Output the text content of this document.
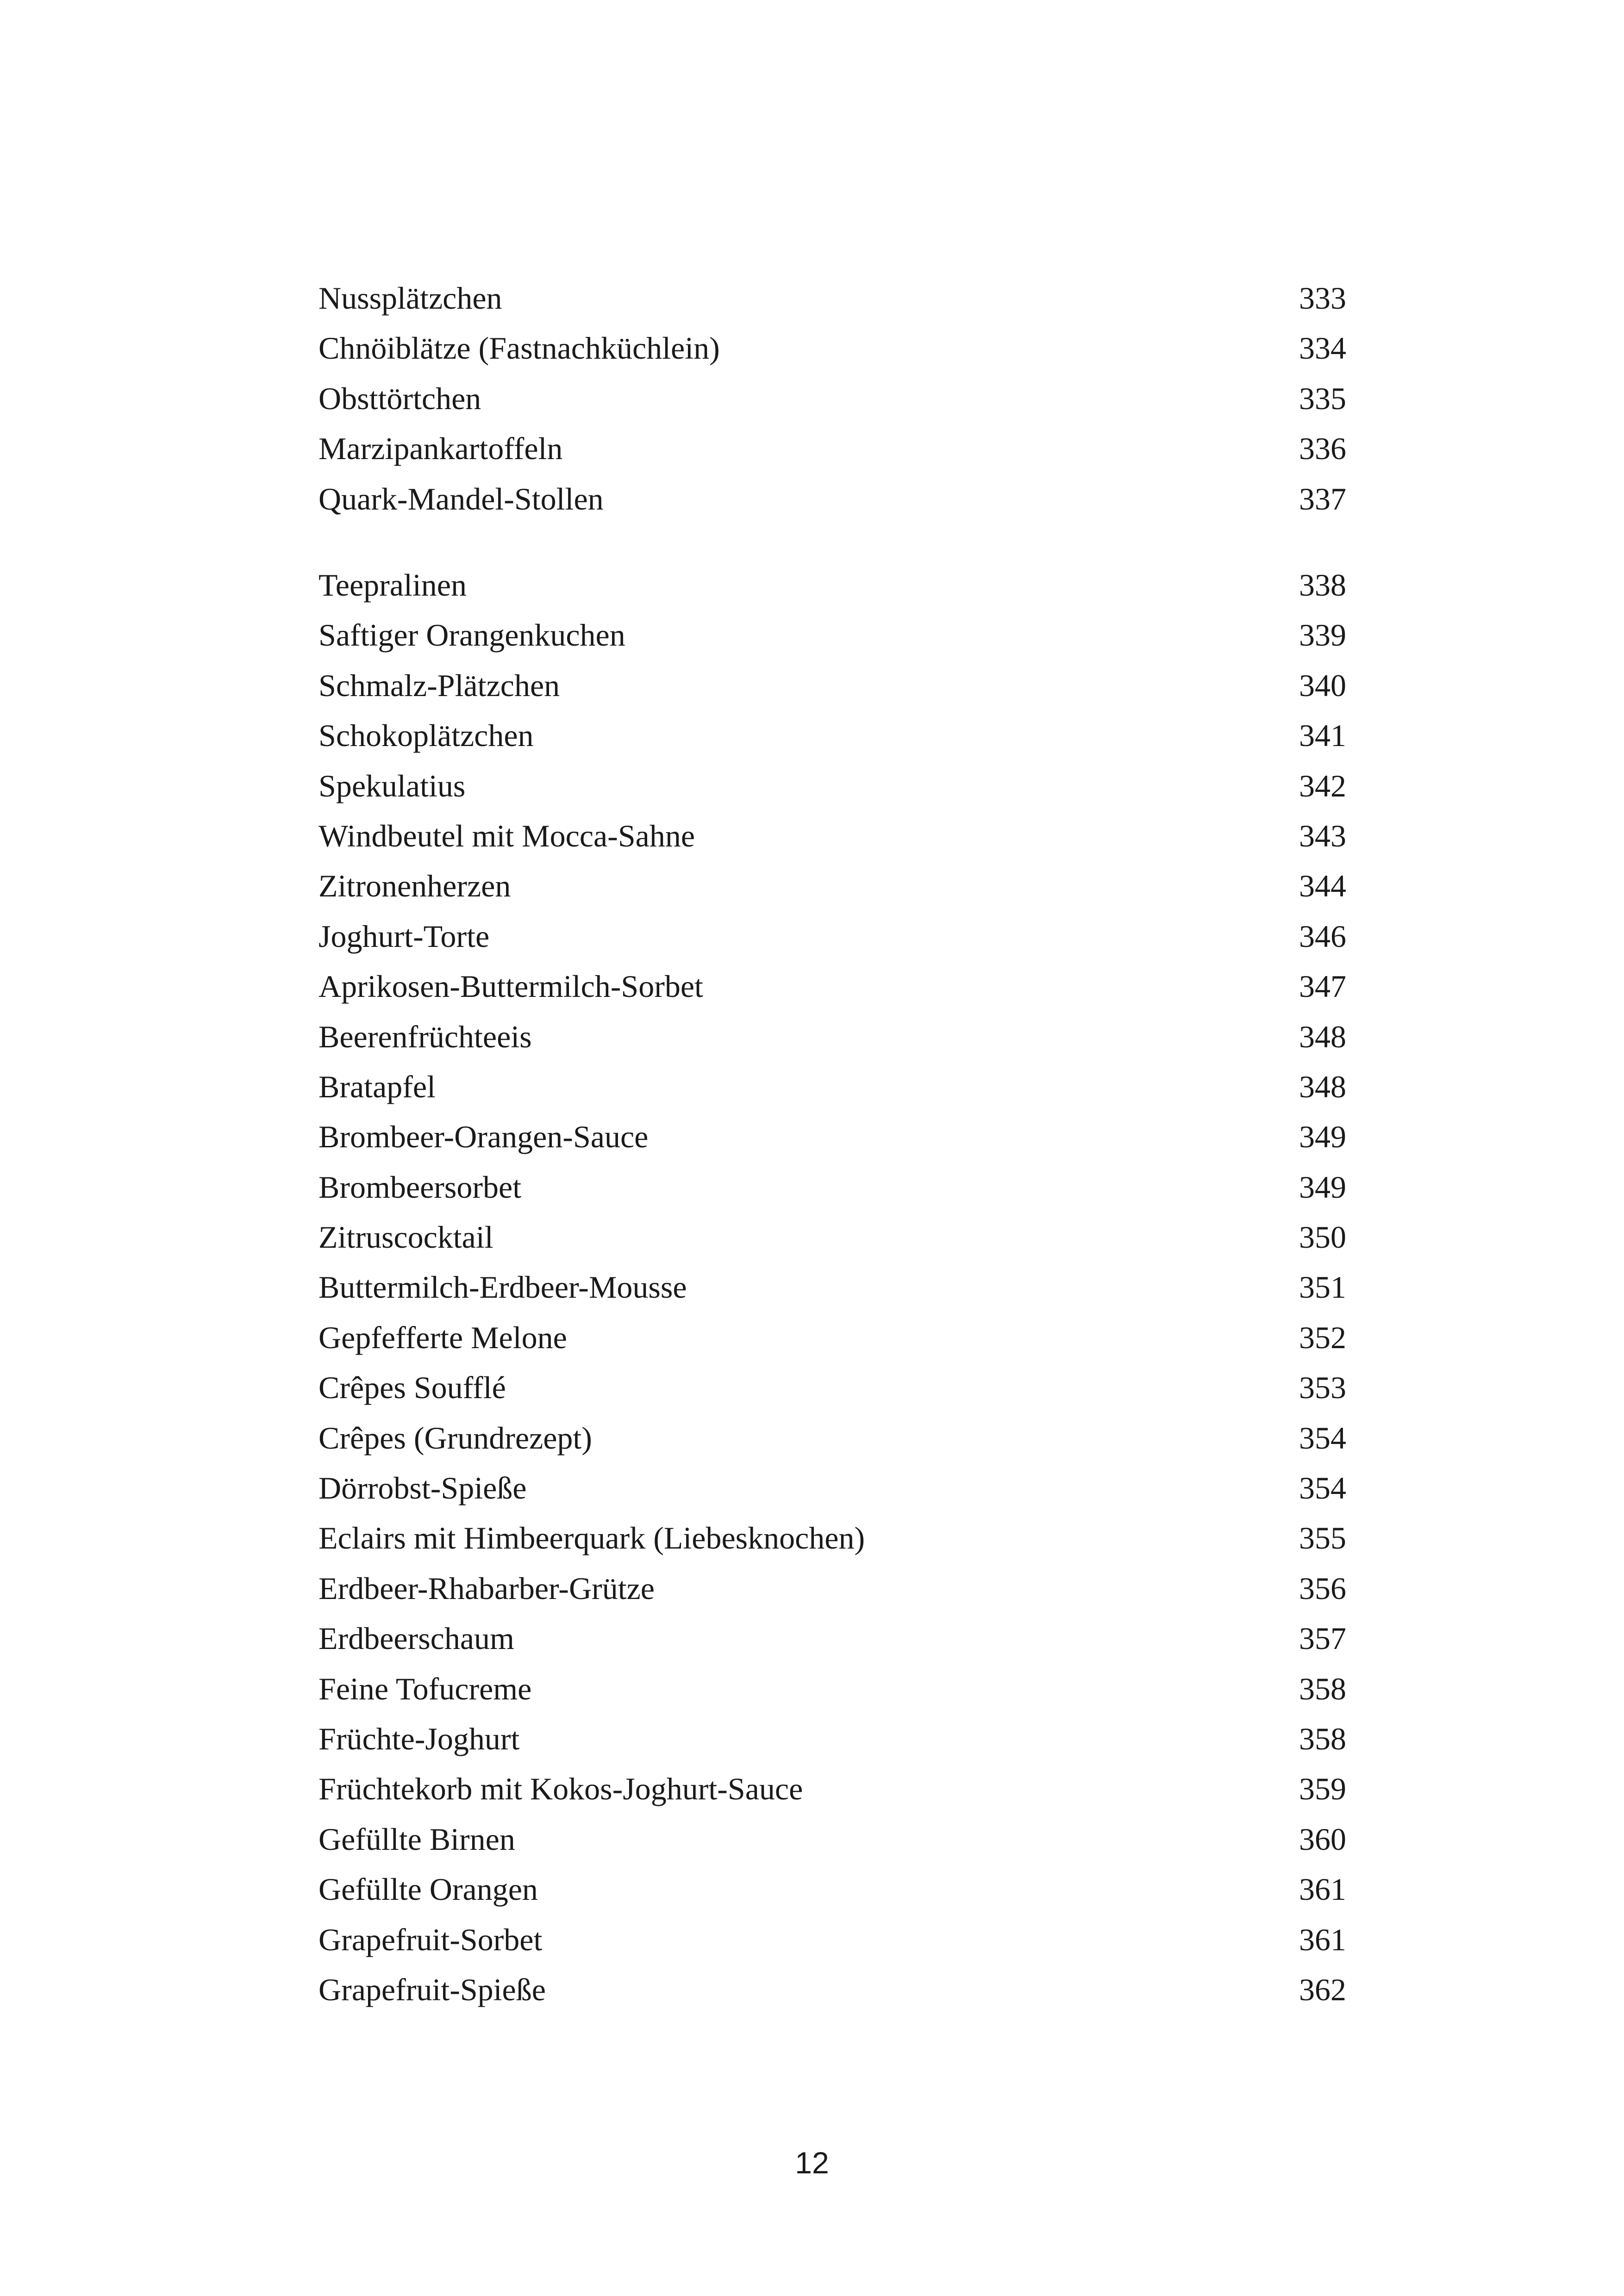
Nussplätzchen	333
Chnöiblätze (Fastnachküchlein)	334
Obsttörtchen	335
Marzipankartoffeln	336
Quark-Mandel-Stollen	337
Teepralinen	338
Saftiger Orangenkuchen	339
Schmalz-Plätzchen	340
Schokoplätzchen	341
Spekulatius	342
Windbeutel mit Mocca-Sahne	343
Zitronenherzen	344
Joghurt-Torte	346
Aprikosen-Buttermilch-Sorbet	347
Beerenfrüchteeis	348
Bratapfel	348
Brombeer-Orangen-Sauce	349
Brombeersorbet	349
Zitruscocktail	350
Buttermilch-Erdbeer-Mousse	351
Gepfefferte Melone	352
Crêpes Soufflé	353
Crêpes (Grundrezept)	354
Dörrobst-Spieße	354
Eclairs mit Himbeerquark (Liebesknochen)	355
Erdbeer-Rhabarber-Grütze	356
Erdbeerschaum	357
Feine Tofucreme	358
Früchte-Joghurt	358
Früchtekorb mit Kokos-Joghurt-Sauce	359
Gefüllte Birnen	360
Gefüllte Orangen	361
Grapefruit-Sorbet	361
Grapefruit-Spieße	362
12
